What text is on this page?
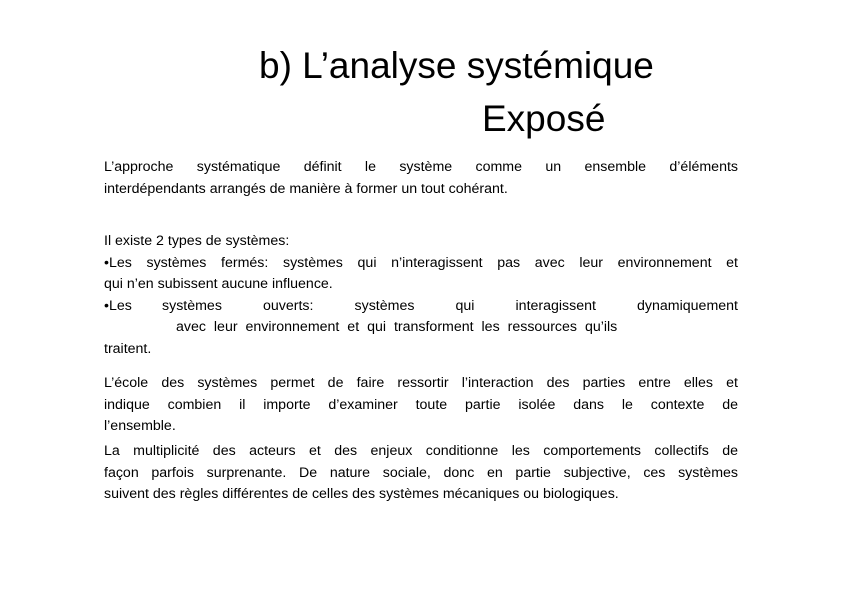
b) L’analyse systémique
Exposé
L’approche systématique définit le système comme un ensemble d’éléments
interdépendants arrangés de manière à former un tout cohérant.
Il existe 2 types de systèmes:
•Les systèmes fermés: systèmes qui n’interagissent pas avec leur environnement et
qui n’en subissent aucune influence.
•Les systèmes ouverts: systèmes qui interagissent dynamiquement
avec leur environnement et qui transforment les ressources qu’ils
traitent.
L’école des systèmes permet de faire ressortir l’interaction des parties entre elles et
indique combien il importe d’examiner toute partie isolée dans le contexte de
l’ensemble.
La multiplicité des acteurs et des enjeux conditionne les comportements collectifs de
façon parfois surprenante. De nature sociale, donc en partie subjective, ces systèmes
suivent des règles différentes de celles des systèmes mécaniques ou biologiques.
